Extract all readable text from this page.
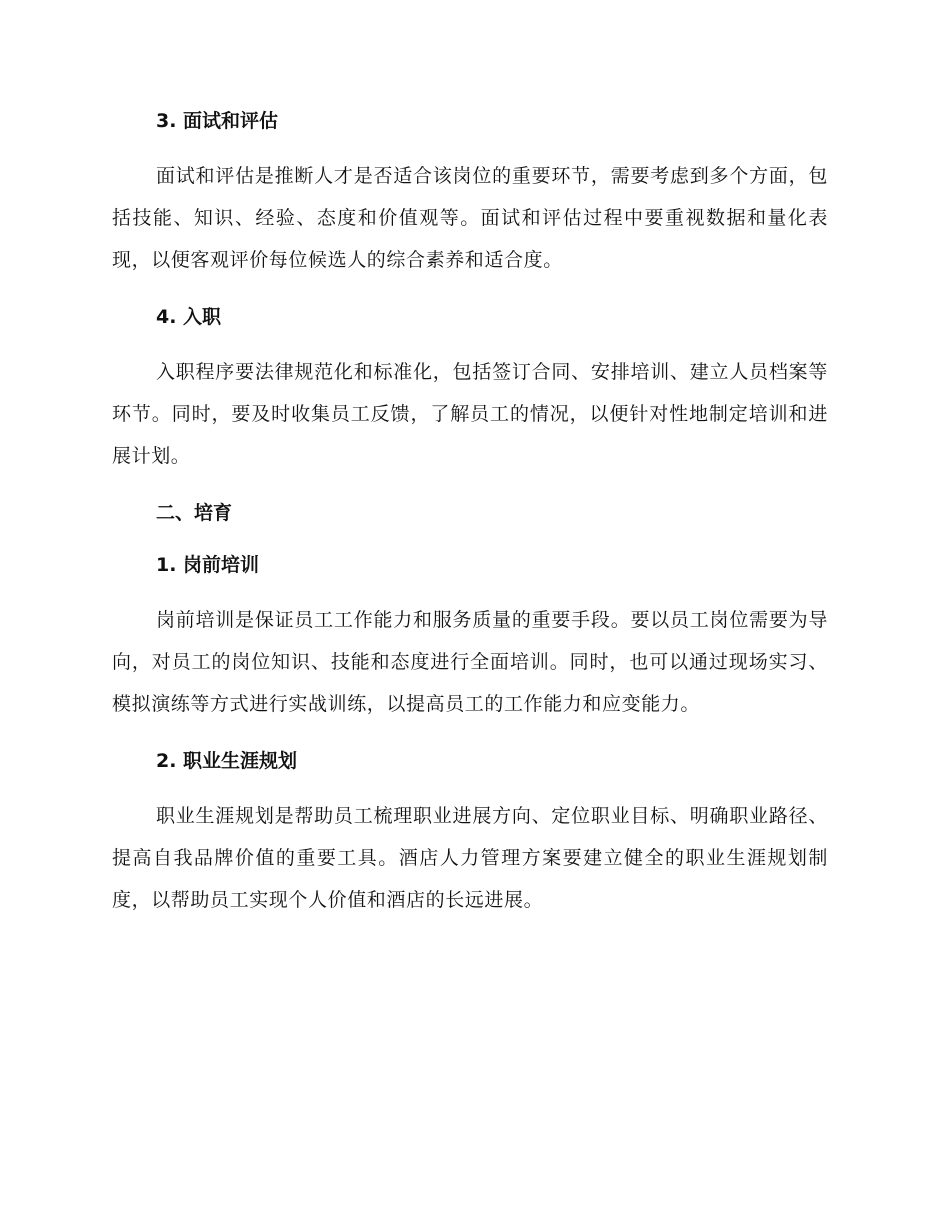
3. 面试和评估

面试和评估是推断人才是否适合该岗位的重要环节，需要考虑到多个方面，包括技能、知识、经验、态度和价值观等。面试和评估过程中要重视数据和量化表现，以便客观评价每位候选人的综合素养和适合度。

4. 入职

入职程序要法律规范化和标准化，包括签订合同、安排培训、建立人员档案等环节。同时，要及时收集员工反馈，了解员工的情况，以便针对性地制定培训和进展计划。

二、培育
1. 岗前培训

岗前培训是保证员工工作能力和服务质量的重要手段。要以员工岗位需要为导向，对员工的岗位知识、技能和态度进行全面培训。同时，也可以通过现场实习、模拟演练等方式进行实战训练，以提高员工的工作能力和应变能力。

2. 职业生涯规划

职业生涯规划是帮助员工梳理职业进展方向、定位职业目标、明确职业路径、提高自我品牌价值的重要工具。酒店人力管理方案要建立健全的职业生涯规划制度，以帮助员工实现个人价值和酒店的长远进展。
